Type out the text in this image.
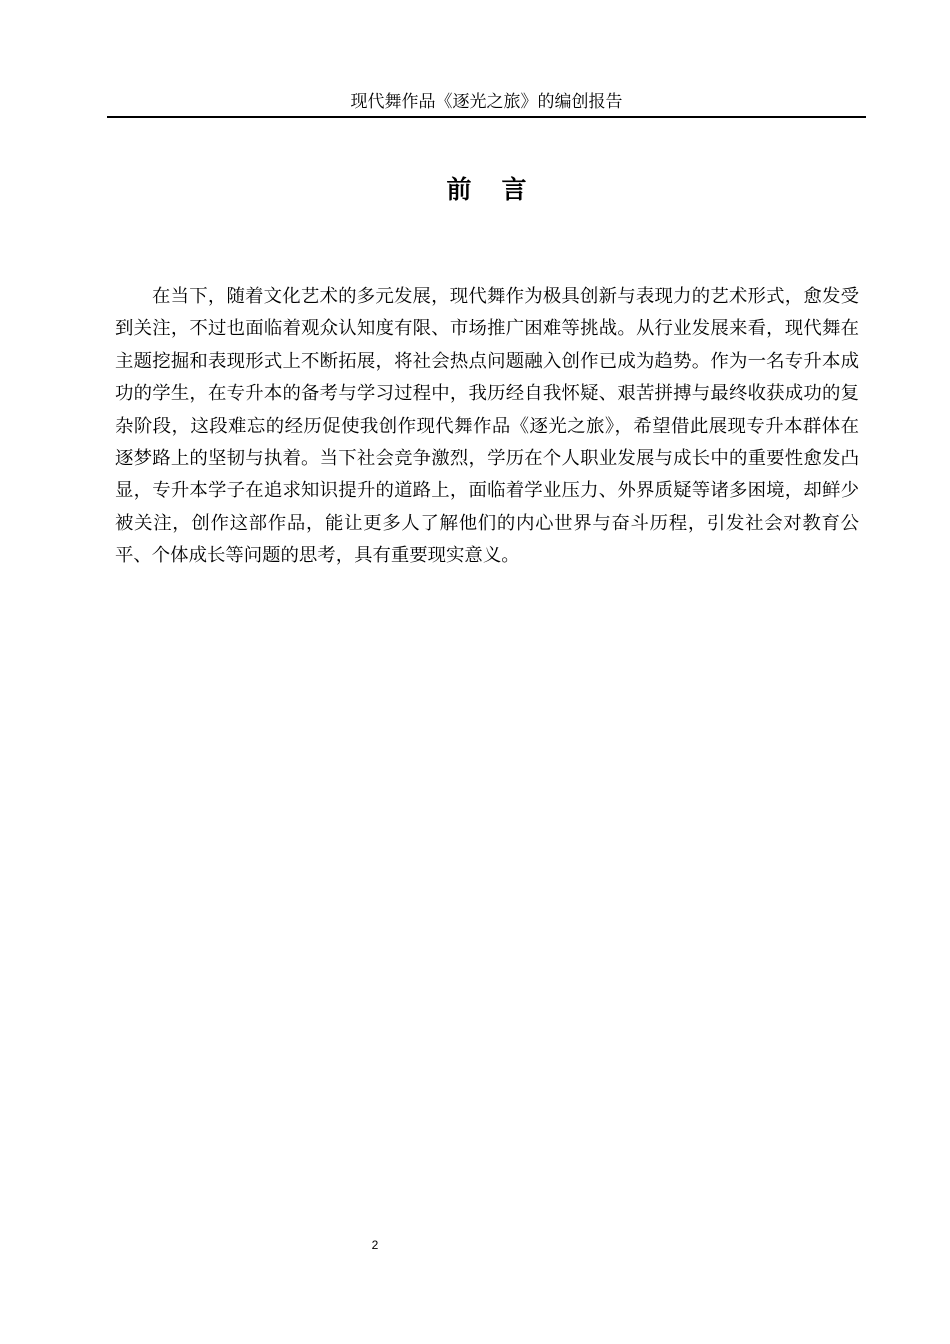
现代舞作品《逐光之旅》的编创报告
前言

在当下，随着文化艺术的多元发展，现代舞作为极具创新与表现力的艺术形式，愈发受到关注，不过也面临着观众认知度有限、市场推广困难等挑战。从行业发展来看，现代舞在主题挖掘和表现形式上不断拓展，将社会热点问题融入创作已成为趋势。作为一名专升本成功的学生，在专升本的备考与学习过程中，我历经自我怀疑、艰苦拼搏与最终收获成功的复杂阶段，这段难忘的经历促使我创作现代舞作品《逐光之旅》，希望借此展现专升本群体在逐梦路上的坚韧与执着。当下社会竞争激烈，学历在个人职业发展与成长中的重要性愈发凸显，专升本学子在追求知识提升的道路上，面临着学业压力、外界质疑等诸多困境，却鲜少被关注，创作这部作品，能让更多人了解他们的内心世界与奋斗历程，引发社会对教育公平、个体成长等问题的思考，具有重要现实意义。

2
